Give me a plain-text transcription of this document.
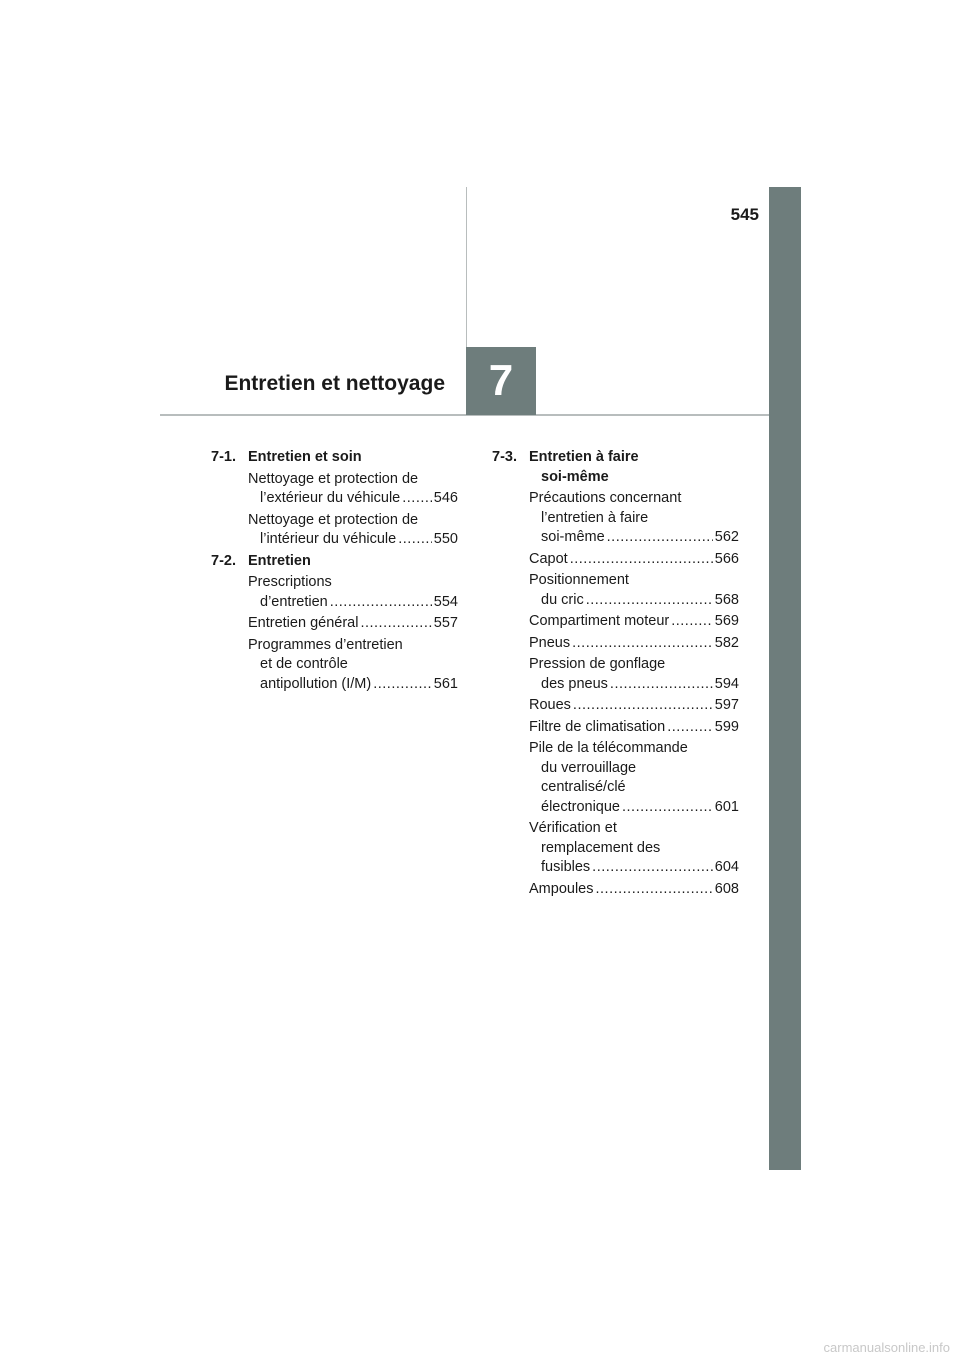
545
Entretien et nettoyage 7
7-1. Entretien et soin
Nettoyage et protection de
l’extérieur du véhicule ..... 546
Nettoyage et protection de
l’intérieur du véhicule .....	550
7-2. Entretien
Prescriptions
d’entretien .....	554
Entretien général .....	557
Programmes d’entretien
et de contrôle
antipollution (I/M) .....	561
7-3. Entretien à faire
soi-même
Précautions concernant
l’entretien à faire
soi-même .....	562
Capot .....	566
Positionnement
du cric .....	568
Compartiment moteur .....	569
Pneus .....	582
Pression de gonflage
des pneus .....	594
Roues .....	597
Filtre de climatisation .....	599
Pile de la télécommande
du verrouillage
centralisé/clé
électronique .....	601
Vérification et
remplacement des
fusibles .....	604
Ampoules .....	608
carmanualsonline.info
